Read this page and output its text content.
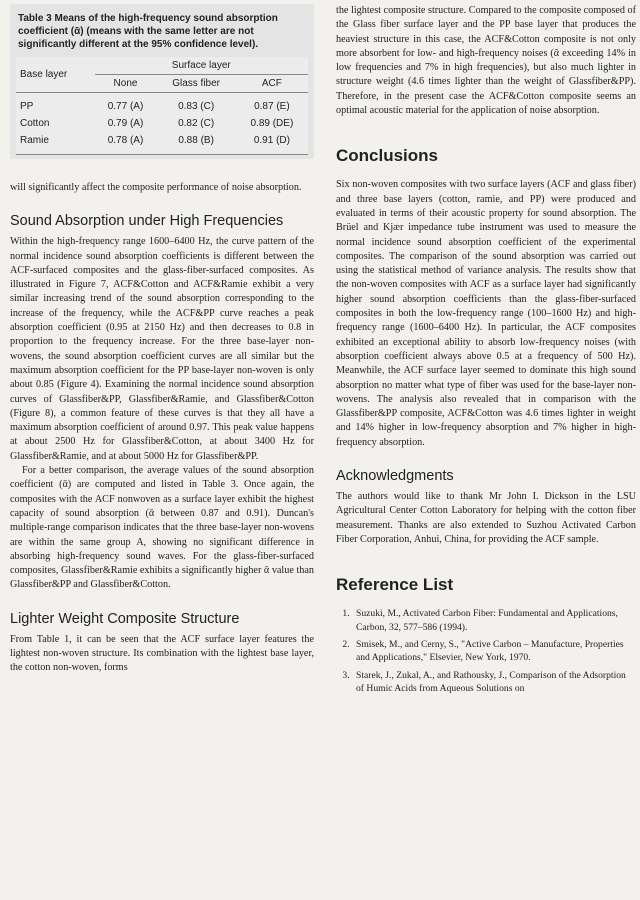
Table 3 Means of the high-frequency sound absorption coefficient (ᾱ) (means with the same letter are not significantly different at the 95% confidence level).
Base layer	Surface layer		
	None	Glass fiber	ACF
PP	0.77 (A)	0.83 (C)	0.87 (E)
Cotton	0.79 (A)	0.82 (C)	0.89 (DE)
Ramie	0.78 (A)	0.88 (B)	0.91 (D)

will significantly affect the composite performance of noise absorption.

Sound Absorption under High Frequencies

Within the high-frequency range 1600–6400 Hz, the curve pattern of the normal incidence sound absorption coefficients is different between the ACF-surfaced composites and the glass-fiber-surfaced composites. As illustrated in Figure 7, ACF&Cotton and ACF&Ramie exhibit a very similar increasing trend of the sound absorption corresponding to the increase of the frequency, while the ACF&PP curve reaches a peak absorption coefficient (0.95 at 2150 Hz) and then decreases to 0.8 in proportion to the frequency increase. For the three base-layer non-wovens, the sound absorption coefficient curves are all similar but the maximum absorption coefficient for the PP base-layer non-woven is only about 0.85 (Figure 4). Examining the normal incidence sound absorption curves of Glassfiber&PP, Glassfiber&Ramie, and Glassfiber&Cotton (Figure 8), a common feature of these curves is that they all have a maximum absorption coefficient of around 0.97. This peak value happens at about 2500 Hz for Glassfiber&Cotton, at about 3400 Hz for Glassfiber&Ramie, and at about 5000 Hz for Glassfiber&PP.

For a better comparison, the average values of the sound absorption coefficient (ᾱ) are computed and listed in Table 3. Once again, the composites with the ACF nonwoven as a surface layer exhibit the highest capacity of sound absorption (ᾱ between 0.87 and 0.91). Duncan's multiple-range comparison indicates that the three base-layer non-wovens are within the same group A, showing no significant difference in absorbing high-frequency sound waves. For the glass-fiber-surfaced composites, Glassfiber&Ramie exhibits a significantly higher ᾱ value than Glassfiber&PP and Glassfiber&Cotton.

Lighter Weight Composite Structure

From Table 1, it can be seen that the ACF surface layer features the lightest non-woven structure. Its combination with the lightest base layer, the cotton non-woven, forms

the lightest composite structure. Compared to the composite composed of the Glass fiber surface layer and the PP base layer that produces the heaviest structure in this case, the ACF&Cotton composite is not only more absorbent for low- and high-frequency noises (ᾱ exceeding 14% in low frequencies and 7% in high frequencies), but also much lighter in structure weight (4.6 times lighter than the weight of Glassfiber&PP). Therefore, in the present case the ACF&Cotton composite seems an optimal acoustic material for the application of noise absorption.

Conclusions

Six non-woven composites with two surface layers (ACF and glass fiber) and three base layers (cotton, ramie, and PP) were produced and evaluated in terms of their acoustic property for sound absorption. The Brüel and Kjær impedance tube instrument was used to measure the normal incidence sound absorption coefficient of the experimental composites. The comparison of the sound absorption was carried out using the statistical method of variance analysis. The results show that the non-woven composites with ACF as a surface layer had significantly higher sound absorption coefficients than the glass-fiber-surfaced composites in both the low-frequency range (100–1600 Hz) and high-frequency range (1600–6400 Hz). In particular, the ACF composites exhibited an exceptional ability to absorb low-frequency noises (with absorption coefficient always above 0.5 at a frequency of 500 Hz). Meanwhile, the ACF surface layer seemed to dominate this high sound absorption no matter what type of fiber was used for the base-layer non-wovens. The analysis also revealed that in comparison with the Glassfiber&PP composite, ACF&Cotton was 4.6 times lighter in weight and 14% higher in low-frequency absorption and 7% higher in high-frequency absorption.

Acknowledgments

The authors would like to thank Mr John I. Dickson in the LSU Agricultural Center Cotton Laboratory for helping with the cotton fiber measurement. Thanks are also extended to Suzhou Activated Carbon Fiber Corporation, Anhui, China, for providing the ACF sample.

Reference List
1. Suzuki, M., Activated Carbon Fiber: Fundamental and Applications, Carbon, 32, 577–586 (1994).
2. Smisek, M., and Cerny, S., "Active Carbon – Manufacture, Properties and Applications," Elsevier, New York, 1970.
3. Starek, J., Zukal, A., and Rathousky, J., Comparison of the Adsorption of Humic Acids from Aqueous Solutions on
